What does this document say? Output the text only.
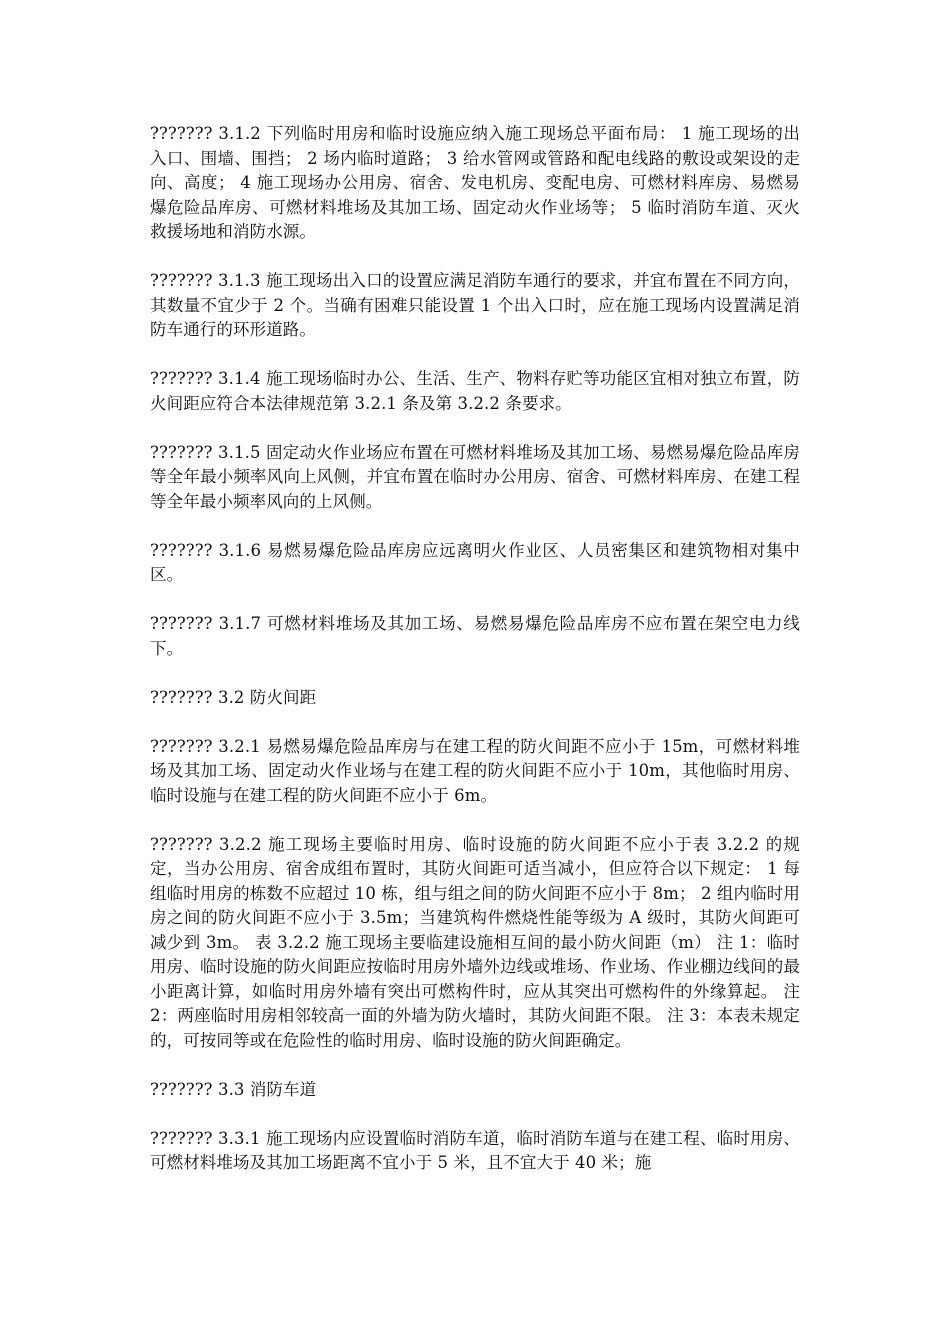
??????? 3.1.2 下列临时用房和临时设施应纳入施工现场总平面布局： 1 施工现场的出入口、围墙、围挡； 2 场内临时道路； 3 给水管网或管路和配电线路的敷设或架设的走向、高度； 4 施工现场办公用房、宿舍、发电机房、变配电房、可燃材料库房、易燃易爆危险品库房、可燃材料堆场及其加工场、固定动火作业场等； 5 临时消防车道、灭火救援场地和消防水源。

??????? 3.1.3 施工现场出入口的设置应满足消防车通行的要求，并宜布置在不同方向，其数量不宜少于 2 个。当确有困难只能设置 1 个出入口时，应在施工现场内设置满足消防车通行的环形道路。

??????? 3.1.4 施工现场临时办公、生活、生产、物料存贮等功能区宜相对独立布置，防火间距应符合本法律规范第 3.2.1 条及第 3.2.2 条要求。

??????? 3.1.5 固定动火作业场应布置在可燃材料堆场及其加工场、易燃易爆危险品库房等全年最小频率风向上风侧，并宜布置在临时办公用房、宿舍、可燃材料库房、在建工程等全年最小频率风向的上风侧。

??????? 3.1.6 易燃易爆危险品库房应远离明火作业区、人员密集区和建筑物相对集中区。

??????? 3.1.7 可燃材料堆场及其加工场、易燃易爆危险品库房不应布置在架空电力线下。

??????? 3.2 防火间距

??????? 3.2.1 易燃易爆危险品库房与在建工程的防火间距不应小于 15m，可燃材料堆场及其加工场、固定动火作业场与在建工程的防火间距不应小于 10m，其他临时用房、临时设施与在建工程的防火间距不应小于 6m。

??????? 3.2.2 施工现场主要临时用房、临时设施的防火间距不应小于表 3.2.2 的规定，当办公用房、宿舍成组布置时，其防火间距可适当减小，但应符合以下规定： 1 每组临时用房的栋数不应超过 10 栋，组与组之间的防火间距不应小于 8m； 2 组内临时用房之间的防火间距不应小于 3.5m；当建筑构件燃烧性能等级为 A 级时，其防火间距可减少到 3m。 表 3.2.2 施工现场主要临建设施相互间的最小防火间距（m） 注 1：临时用房、临时设施的防火间距应按临时用房外墙外边线或堆场、作业场、作业棚边线间的最小距离计算，如临时用房外墙有突出可燃构件时，应从其突出可燃构件的外缘算起。 注 2：两座临时用房相邻较高一面的外墙为防火墙时，其防火间距不限。 注 3：本表未规定的，可按同等或在危险性的临时用房、临时设施的防火间距确定。

??????? 3.3 消防车道

??????? 3.3.1 施工现场内应设置临时消防车道，临时消防车道与在建工程、临时用房、可燃材料堆场及其加工场距离不宜小于 5 米，且不宜大于 40 米；施
